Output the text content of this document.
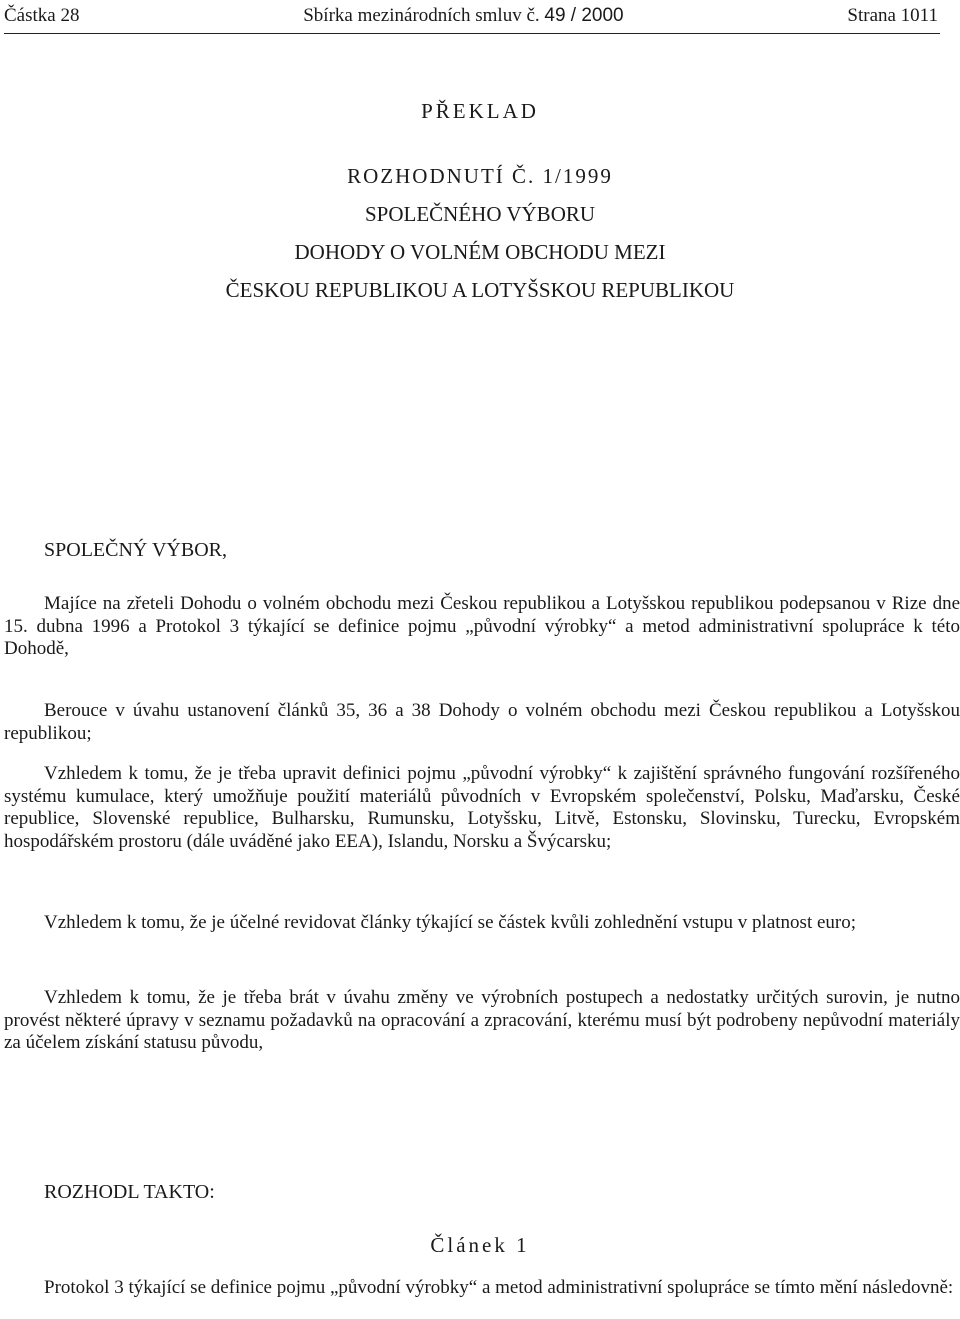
Částka 28	Sbírka mezinárodních smluv č. 49 / 2000	Strana 1011
PŘEKLAD
ROZHODNUTÍ Č. 1/1999
SPOLEČNÉHO VÝBORU
DOHODY O VOLNÉM OBCHODU MEZI
ČESKOU REPUBLIKOU A LOTYŠSKOU REPUBLIKOU
SPOLEČNÝ VÝBOR,
Majíce na zřeteli Dohodu o volném obchodu mezi Českou republikou a Lotyšskou republikou podepsanou v Rize dne 15. dubna 1996 a Protokol 3 týkající se definice pojmu „původní výrobky“ a metod administrativní spolupráce k této Dohodě,
Berouce v úvahu ustanovení článků 35, 36 a 38 Dohody o volném obchodu mezi Českou republikou a Lotyšskou republikou;
Vzhledem k tomu, že je třeba upravit definici pojmu „původní výrobky“ k zajištění správného fungování rozšířeného systému kumulace, který umožňuje použití materiálů původních v Evropském společenství, Polsku, Maďarsku, České republice, Slovenské republice, Bulharsku, Rumunsku, Lotyšsku, Litvě, Estonsku, Slovinsku, Turecku, Evropském hospodářském prostoru (dále uváděné jako EEA), Islandu, Norsku a Švýcarsku;
Vzhledem k tomu, že je účelné revidovat články týkající se částek kvůli zohlednění vstupu v platnost euro;
Vzhledem k tomu, že je třeba brát v úvahu změny ve výrobních postupech a nedostatky určitých surovin, je nutno provést některé úpravy v seznamu požadavků na opracování a zpracování, kterému musí být podrobeny nepůvodní materiály za účelem získání statusu původu,
ROZHODL TAKTO:
Článek 1
Protokol 3 týkající se definice pojmu „původní výrobky“ a metod administrativní spolupráce se tímto mění následovně:
